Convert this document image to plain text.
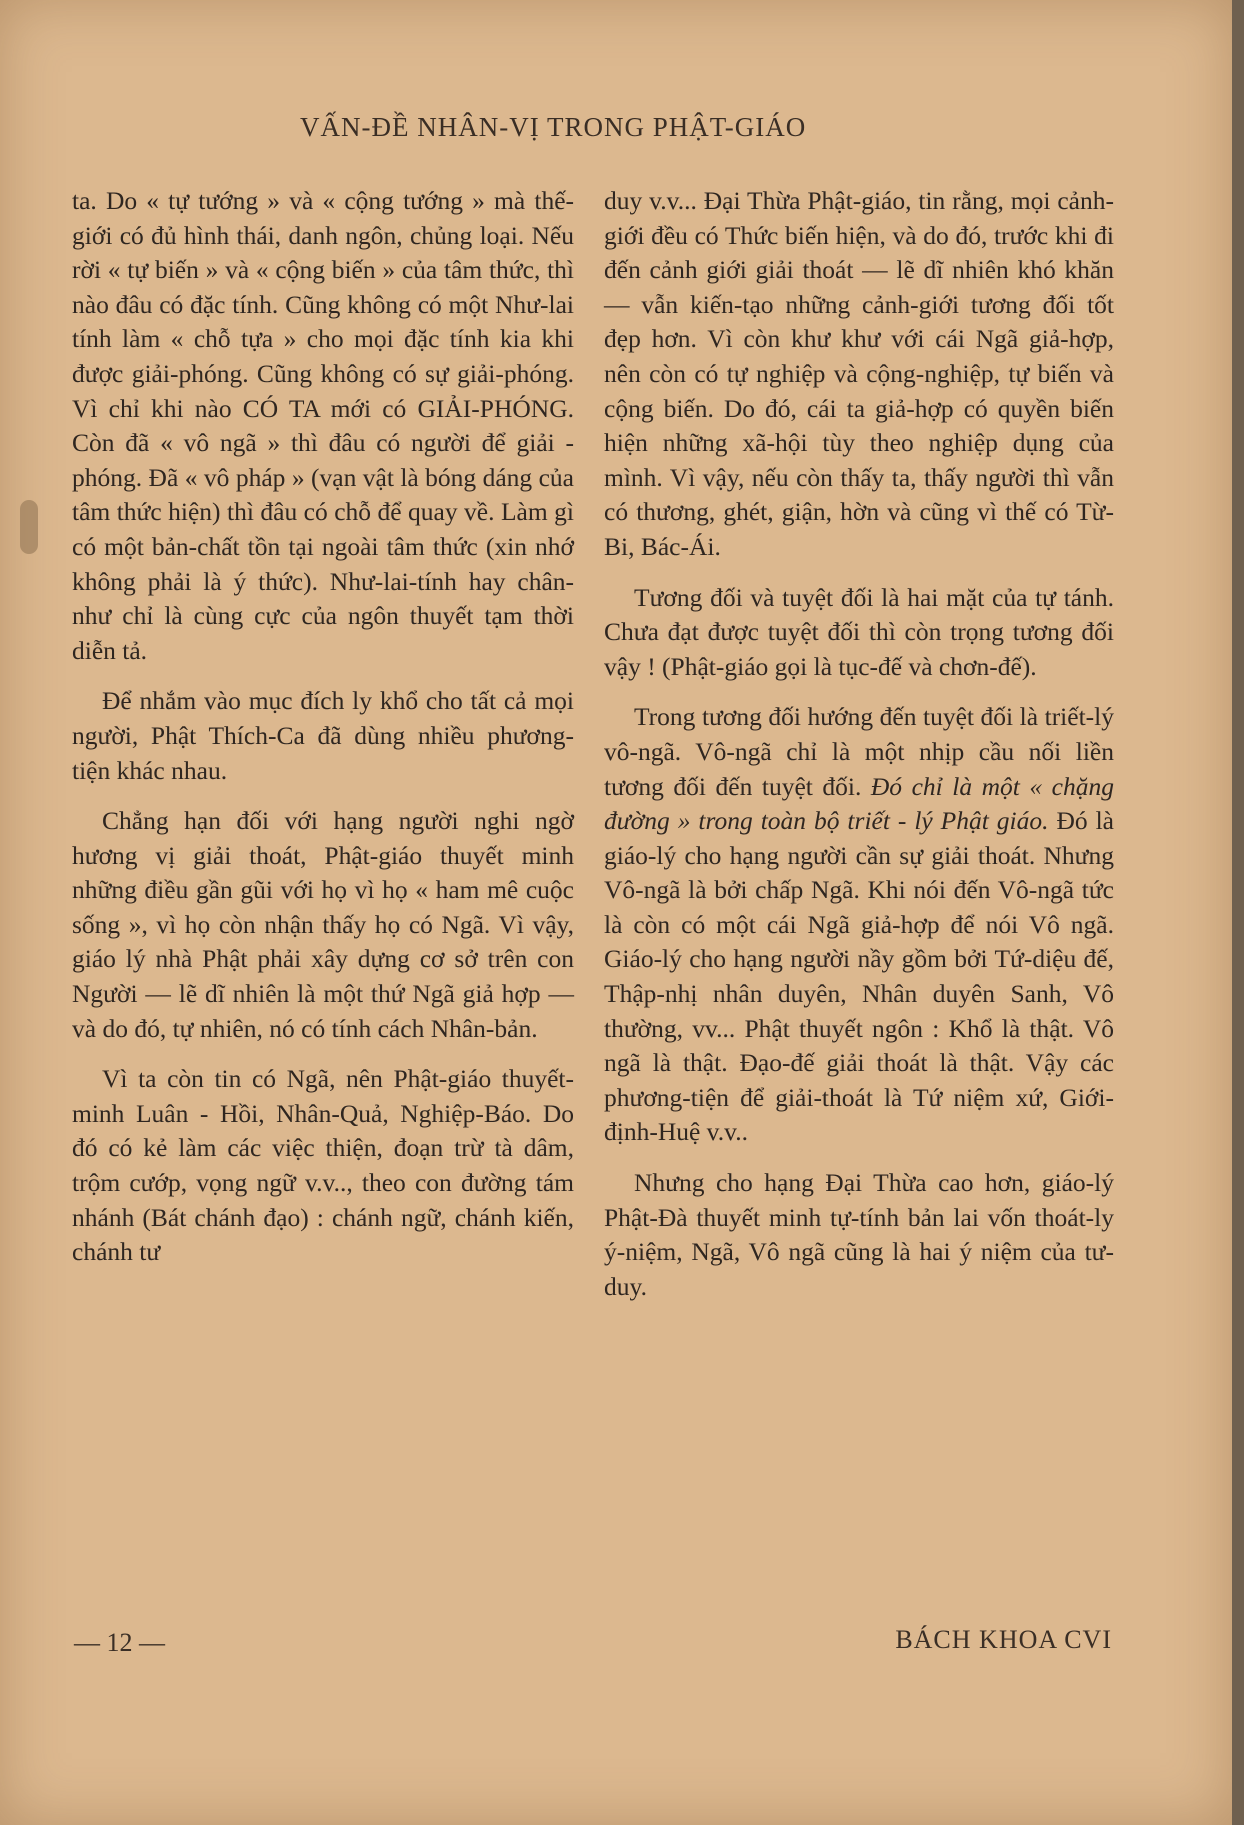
VẤN-ĐỀ NHÂN-VỊ TRONG PHẬT-GIÁO

ta. Do « tự tướng » và « cộng tướng » mà thế-giới có đủ hình thái, danh ngôn, chủng loại. Nếu rời « tự biến » và « cộng biến » của tâm thức, thì nào đâu có đặc tính. Cũng không có một Như-lai tính làm « chỗ tựa » cho mọi đặc tính kia khi được giải-phóng. Cũng không có sự giải-phóng. Vì chỉ khi nào CÓ TA mới có GIẢI-PHÓNG. Còn đã « vô ngã » thì đâu có người để giải - phóng. Đã « vô pháp » (vạn vật là bóng dáng của tâm thức hiện) thì đâu có chỗ để quay về. Làm gì có một bản-chất tồn tại ngoài tâm thức (xin nhớ không phải là ý thức). Như-lai-tính hay chân-như chỉ là cùng cực của ngôn thuyết tạm thời diễn tả.

Để nhắm vào mục đích ly khổ cho tất cả mọi người, Phật Thích-Ca đã dùng nhiều phương-tiện khác nhau.

Chẳng hạn đối với hạng người nghi ngờ hương vị giải thoát, Phật-giáo thuyết minh những điều gần gũi với họ vì họ « ham mê cuộc sống », vì họ còn nhận thấy họ có Ngã. Vì vậy, giáo lý nhà Phật phải xây dựng cơ sở trên con Người — lẽ dĩ nhiên là một thứ Ngã giả hợp — và do đó, tự nhiên, nó có tính cách Nhân-bản.

Vì ta còn tin có Ngã, nên Phật-giáo thuyết-minh Luân - Hồi, Nhân-Quả, Nghiệp-Báo. Do đó có kẻ làm các việc thiện, đoạn trừ tà dâm, trộm cướp, vọng ngữ v.v.., theo con đường tám nhánh (Bát chánh đạo) : chánh ngữ, chánh kiến, chánh tư

duy v.v... Đại Thừa Phật-giáo, tin rằng, mọi cảnh-giới đều có Thức biến hiện, và do đó, trước khi đi đến cảnh giới giải thoát — lẽ dĩ nhiên khó khăn — vẫn kiến-tạo những cảnh-giới tương đối tốt đẹp hơn. Vì còn khư khư với cái Ngã giả-hợp, nên còn có tự nghiệp và cộng-nghiệp, tự biến và cộng biến. Do đó, cái ta giả-hợp có quyền biến hiện những xã-hội tùy theo nghiệp dụng của mình. Vì vậy, nếu còn thấy ta, thấy người thì vẫn có thương, ghét, giận, hờn và cũng vì thế có Từ-Bi, Bác-Ái.

Tương đối và tuyệt đối là hai mặt của tự tánh. Chưa đạt được tuyệt đối thì còn trọng tương đối vậy ! (Phật-giáo gọi là tục-đế và chơn-đế).

Trong tương đối hướng đến tuyệt đối là triết-lý vô-ngã. Vô-ngã chỉ là một nhịp cầu nối liền tương đối đến tuyệt đối. Đó chỉ là một « chặng đường » trong toàn bộ triết - lý Phật giáo. Đó là giáo-lý cho hạng người cần sự giải thoát. Nhưng Vô-ngã là bởi chấp Ngã. Khi nói đến Vô-ngã tức là còn có một cái Ngã giả-hợp để nói Vô ngã. Giáo-lý cho hạng người nầy gồm bởi Tứ-diệu đế, Thập-nhị nhân duyên, Nhân duyên Sanh, Vô thường, vv... Phật thuyết ngôn : Khổ là thật. Vô ngã là thật. Đạo-đế giải thoát là thật. Vậy các phương-tiện để giải-thoát là Tứ niệm xứ, Giới-định-Huệ v.v..

Nhưng cho hạng Đại Thừa cao hơn, giáo-lý Phật-Đà thuyết minh tự-tính bản lai vốn thoát-ly ý-niệm, Ngã, Vô ngã cũng là hai ý niệm của tư-duy.

— 12 —	BÁCH KHOA CVI
